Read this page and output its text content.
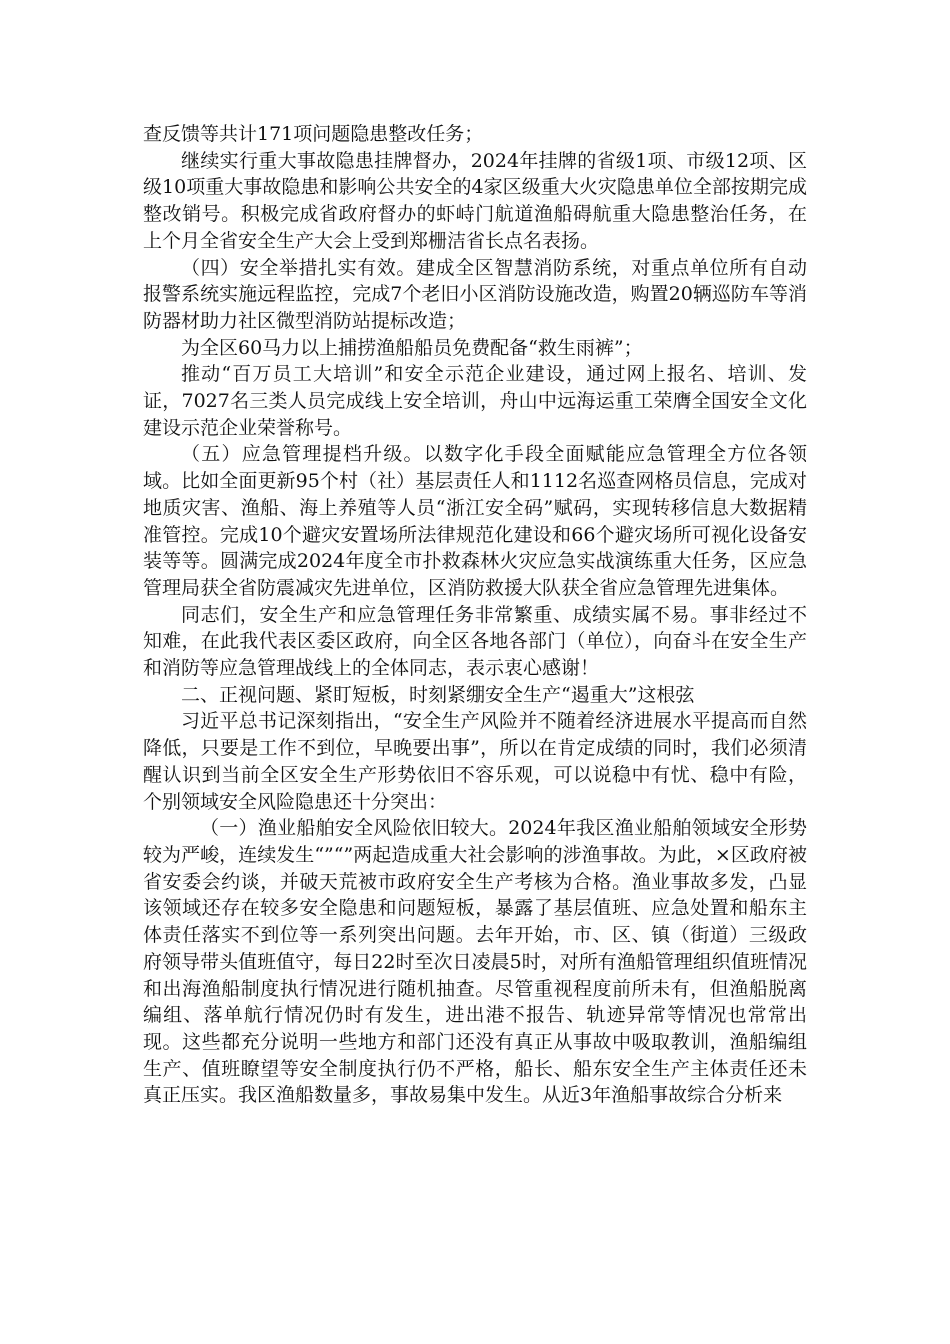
查反馈等共计171项问题隐患整改任务；

继续实行重大事故隐患挂牌督办，2024年挂牌的省级1项、市级12项、区级10项重大事故隐患和影响公共安全的4家区级重大火灾隐患单位全部按期完成整改销号。积极完成省政府督办的虾峙门航道渔船碍航重大隐患整治任务，在上个月全省安全生产大会上受到郑栅洁省长点名表扬。

（四）安全举措扎实有效。建成全区智慧消防系统，对重点单位所有自动报警系统实施远程监控，完成7个老旧小区消防设施改造，购置20辆巡防车等消防器材助力社区微型消防站提标改造；

为全区60马力以上捕捞渔船船员免费配备“救生雨裤”；

推动“百万员工大培训”和安全示范企业建设，通过网上报名、培训、发证，7027名三类人员完成线上安全培训，舟山中远海运重工荣膺全国安全文化建设示范企业荣誉称号。

（五）应急管理提档升级。以数字化手段全面赋能应急管理全方位各领域。比如全面更新95个村（社）基层责任人和1112名巡查网格员信息，完成对地质灾害、渔船、海上养殖等人员“浙江安全码”赋码，实现转移信息大数据精准管控。完成10个避灾安置场所法律规范化建设和66个避灾场所可视化设备安装等等。圆满完成2024年度全市扑救森林火灾应急实战演练重大任务，区应急管理局获全省防震减灾先进单位，区消防救援大队获全省应急管理先进集体。

同志们，安全生产和应急管理任务非常繁重、成绩实属不易。事非经过不知难，在此我代表区委区政府，向全区各地各部门（单位），向奋斗在安全生产和消防等应急管理战线上的全体同志，表示衷心感谢！

二、正视问题、紧盯短板，时刻紧绷安全生产“遏重大”这根弦

习近平总书记深刻指出，“安全生产风险并不随着经济进展水平提高而自然降低，只要是工作不到位，早晚要出事”，所以在肯定成绩的同时，我们必须清醒认识到当前全区安全生产形势依旧不容乐观，可以说稳中有忧、稳中有险，个别领域安全风险隐患还十分突出：

（一）渔业船舶安全风险依旧较大。2024年我区渔业船舶领域安全形势较为严峻，连续发生“”“”两起造成重大社会影响的涉渔事故。为此，×区政府被省安委会约谈，并破天荒被市政府安全生产考核为合格。渔业事故多发，凸显该领域还存在较多安全隐患和问题短板，暴露了基层值班、应急处置和船东主体责任落实不到位等一系列突出问题。去年开始，市、区、镇（街道）三级政府领导带头值班值守，每日22时至次日凌晨5时，对所有渔船管理组织值班情况和出海渔船制度执行情况进行随机抽查。尽管重视程度前所未有，但渔船脱离编组、落单航行情况仍时有发生，进出港不报告、轨迹异常等情况也常常出现。这些都充分说明一些地方和部门还没有真正从事故中吸取教训，渔船编组生产、值班瞭望等安全制度执行仍不严格，船长、船东安全生产主体责任还未真正压实。我区渔船数量多，事故易集中发生。从近3年渔船事故综合分析来
